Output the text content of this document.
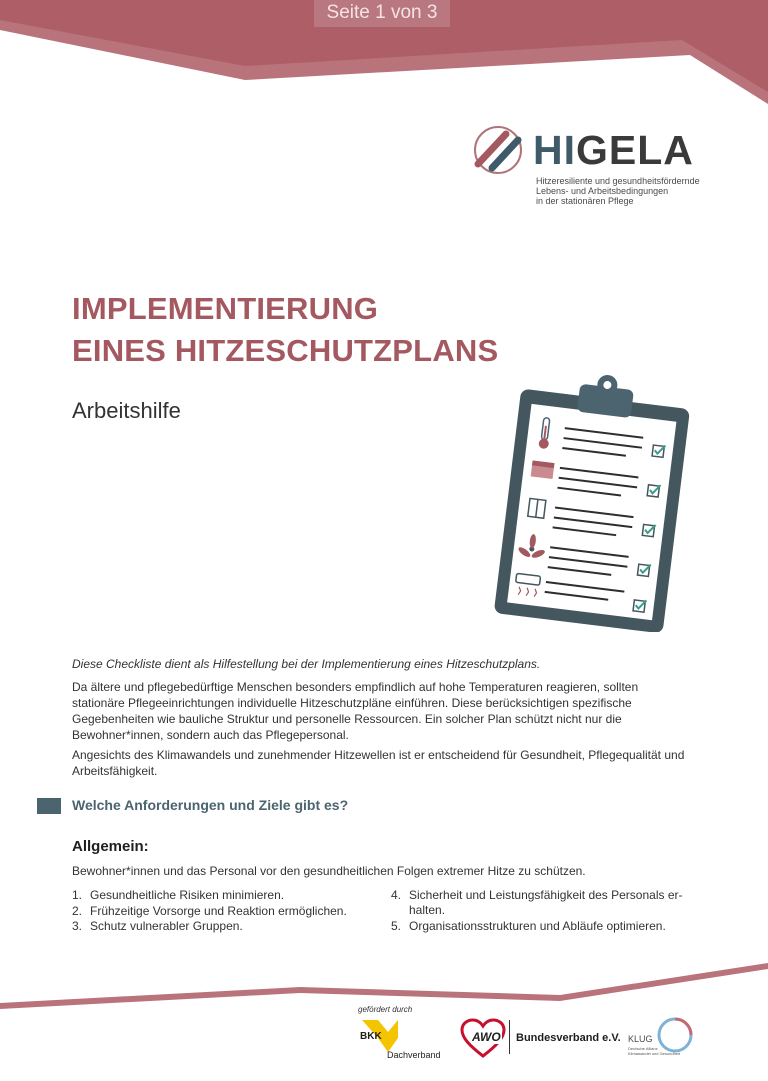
Seite 1 von 3
HIGELA
Hitzeresiliente und gesundheitsfördernde
Lebens- und Arbeitsbedingungen
in der stationären Pflege
IMPLEMENTIERUNG
EINES HITZESCHUTZPLANS
Arbeitshilfe
Diese Checkliste dient als Hilfestellung bei der Implementierung eines Hitzeschutzplans.
Da ältere und pflegebedürftige Menschen besonders empfindlich auf hohe Temperaturen reagieren, sollten stationäre Pflegeeinrichtungen individuelle Hitzeschutzpläne einführen. Diese berücksichtigen spezifische Gegebenheiten wie bauliche Struktur und personelle Ressourcen. Ein solcher Plan schützt nicht nur die Bewohner*innen, sondern auch das Pflegepersonal.
Angesichts des Klimawandels und zunehmender Hitzewellen ist er entscheidend für Gesundheit, Pflegequalität und Arbeitsfähigkeit.
Welche Anforderungen und Ziele gibt es?
Allgemein:
Bewohner*innen und das Personal vor den gesundheitlichen Folgen extremer Hitze zu schützen.
1. Gesundheitliche Risiken minimieren.
2. Frühzeitige Vorsorge und Reaktion ermöglichen.
3. Schutz vulnerabler Gruppen.
4. Sicherheit und Leistungsfähigkeit des Personals er-
halten.
5. Organisationsstrukturen und Abläufe optimieren.
gefördert durch
BKK
Dachverband
AWO Bundesverband e.V. KLUG
Deutsche Allianz
Klimawandel und Gesundheit
